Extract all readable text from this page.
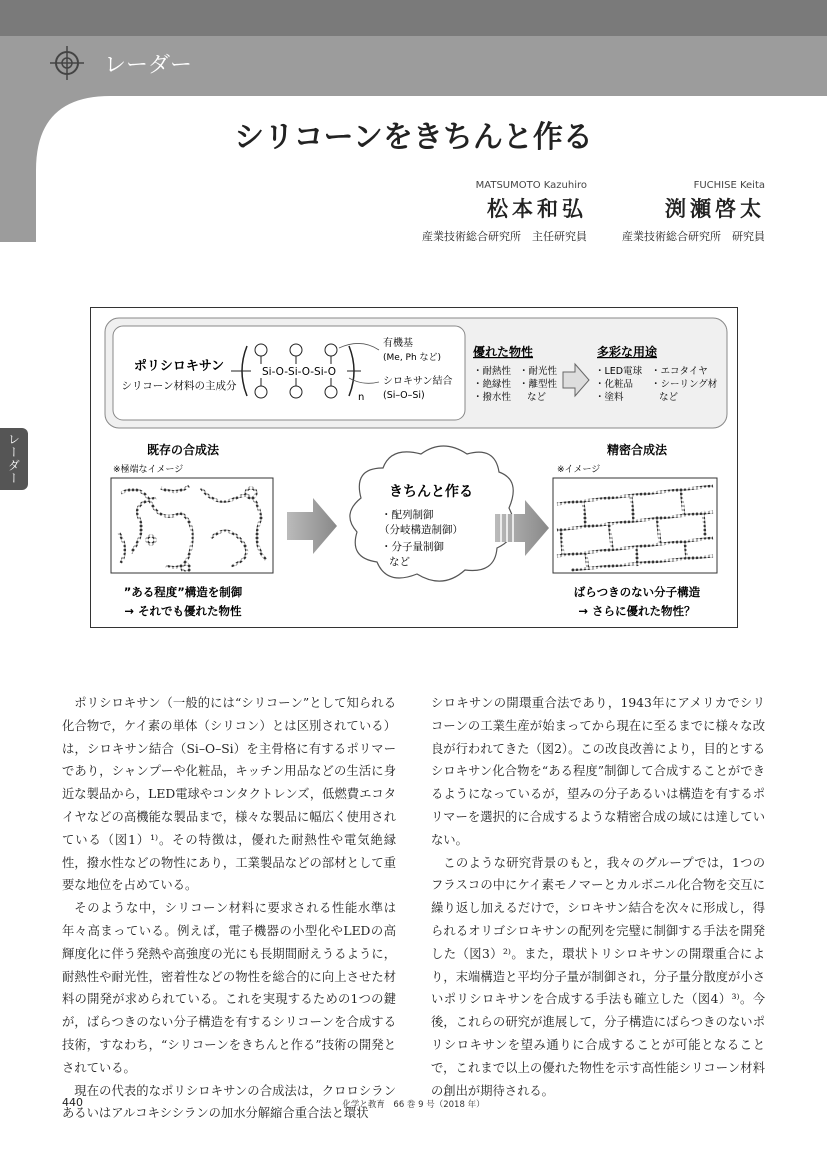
レーダー
シリコーンをきちんと作る
MATSUMOTO Kazuhiro
松本和弘
産業技術総合研究所　主任研究員
FUCHISE Keita
渕瀬啓太
産業技術総合研究所　研究員
レーダー
ポリシロキサン
シリコーン材料の主成分
Si-O-Si-O-Si-O
n
有機基
(Me, Ph など)
シロキサン結合
(Si–O–Si)
優れた物性
・耐熱性
・絶縁性
・撥水性
・耐光性
・離型性
など
多彩な用途
・LED電球
・化粧品
・塗料
・エコタイヤ
・シーリング材
など
既存の合成法
※極端なイメージ
”ある程度”構造を制御
→ それでも優れた物性
きちんと作る
・配列制御
（分岐構造制御）
・分子量制御
など
精密合成法
※イメージ
ばらつきのない分子構造
→ さらに優れた物性？

ポリシロキサン（一般的には“シリコーン”として知られる化合物で，ケイ素の単体（シリコン）とは区別されている）は，シロキサン結合（Si–O–Si）を主骨格に有するポリマーであり，シャンプーや化粧品，キッチン用品などの生活に身近な製品から，LED電球やコンタクトレンズ，低燃費エコタイヤなどの高機能な製品まで，様々な製品に幅広く使用されている（図1）¹⁾。その特徴は，優れた耐熱性や電気絶縁性，撥水性などの物性にあり，工業製品などの部材として重要な地位を占めている。

そのような中，シリコーン材料に要求される性能水準は年々高まっている。例えば，電子機器の小型化やLEDの高輝度化に伴う発熱や高強度の光にも長期間耐えうるように，耐熱性や耐光性，密着性などの物性を総合的に向上させた材料の開発が求められている。これを実現するための1つの鍵が，ばらつきのない分子構造を有するシリコーンを合成する技術，すなわち，“シリコーンをきちんと作る”技術の開発とされている。

現在の代表的なポリシロキサンの合成法は，クロロシランあるいはアルコキシシランの加水分解縮合重合法と環状

シロキサンの開環重合法であり，1943年にアメリカでシリコーンの工業生産が始まってから現在に至るまでに様々な改良が行われてきた（図2）。この改良改善により，目的とするシロキサン化合物を“ある程度”制御して合成することができるようになっているが，望みの分子あるいは構造を有するポリマーを選択的に合成するような精密合成の域には達していない。

このような研究背景のもと，我々のグループでは，1つのフラスコの中にケイ素モノマーとカルボニル化合物を交互に繰り返し加えるだけで，シロキサン結合を次々に形成し，得られるオリゴシロキサンの配列を完璧に制御する手法を開発した（図3）²⁾。また，環状トリシロキサンの開環重合により，末端構造と平均分子量が制御され，分子量分散度が小さいポリシロキサンを合成する手法も確立した（図4）³⁾。今後，これらの研究が進展して，分子構造にばらつきのないポリシロキサンを望み通りに合成することが可能となることで，これまで以上の優れた物性を示す高性能シリコーン材料の創出が期待される。

440	化学と教育　66 巻 9 号（2018 年）
